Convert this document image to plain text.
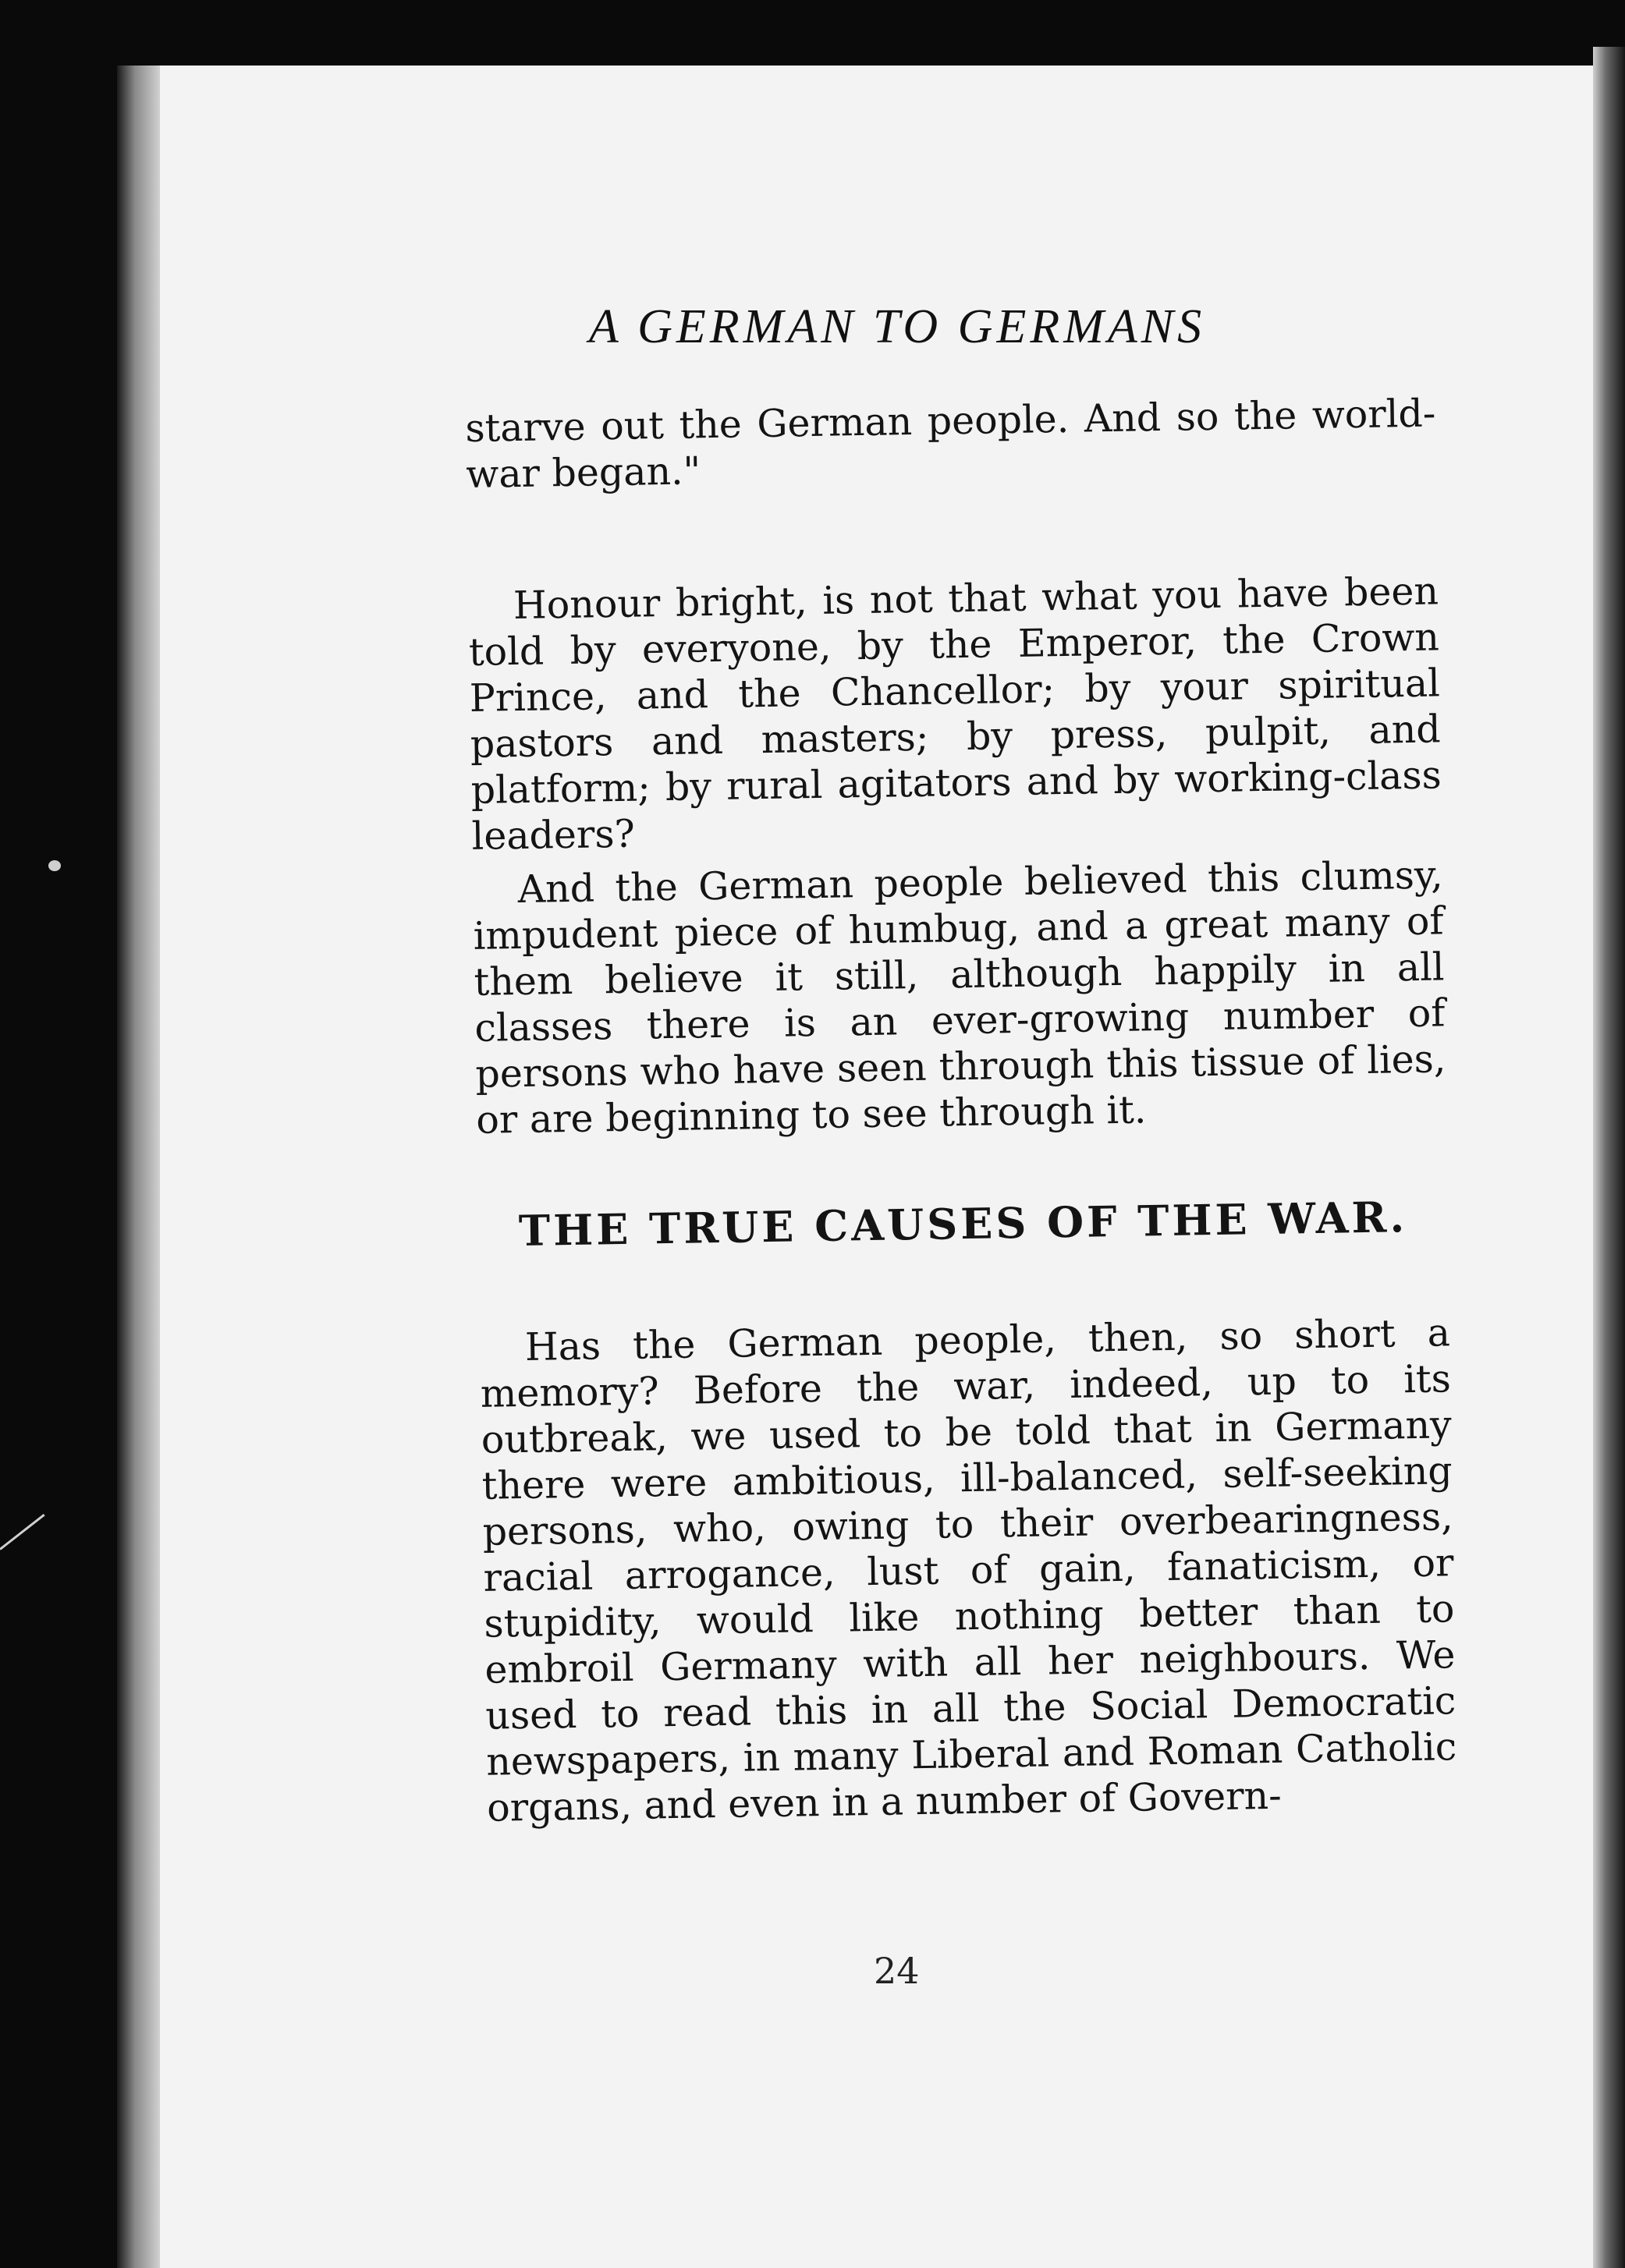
A GERMAN TO GERMANS

starve out the German people. And so the world-war began."

Honour bright, is not that what you have been told by everyone, by the Emperor, the Crown Prince, and the Chancellor; by your spiritual pastors and masters; by press, pulpit, and platform; by rural agitators and by working-class leaders?

And the German people believed this clumsy, impudent piece of humbug, and a great many of them believe it still, although happily in all classes there is an ever-growing number of persons who have seen through this tissue of lies, or are beginning to see through it.

THE TRUE CAUSES OF THE WAR.

Has the German people, then, so short a memory? Before the war, indeed, up to its outbreak, we used to be told that in Germany there were ambitious, ill-balanced, self-seeking persons, who, owing to their overbearingness, racial arrogance, lust of gain, fanaticism, or stupidity, would like nothing better than to embroil Germany with all her neighbours. We used to read this in all the Social Democratic newspapers, in many Liberal and Roman Catholic organs, and even in a number of Govern-

24
